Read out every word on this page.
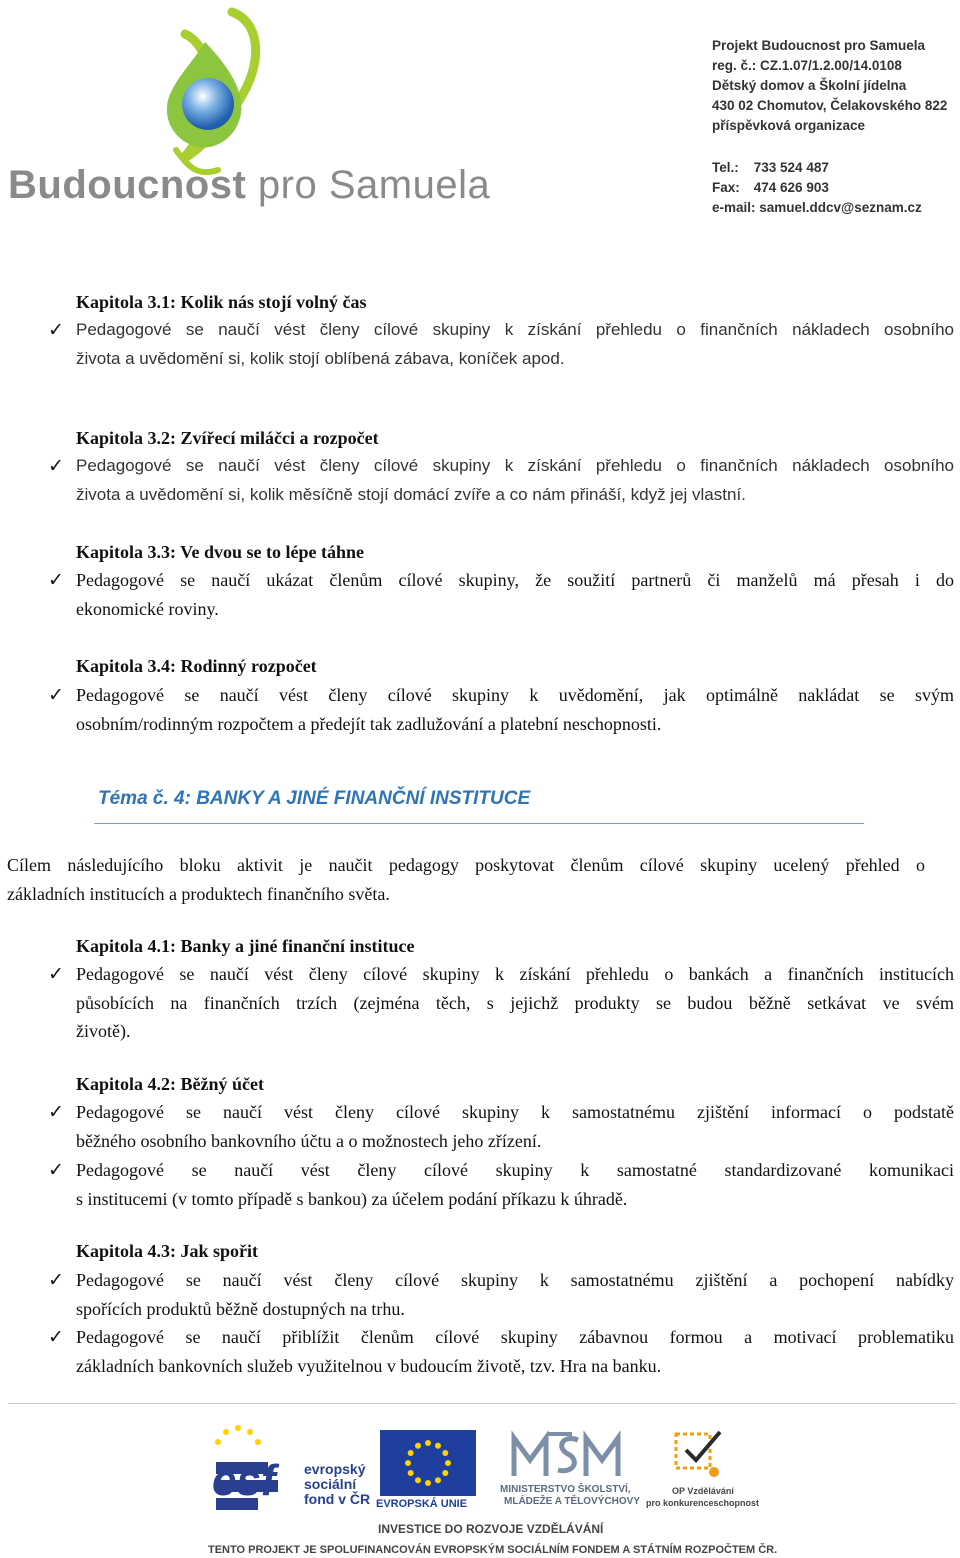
Budoucnost pro Samuela
Projekt Budoucnost pro Samuela
reg. č.: CZ.1.07/1.2.00/14.0108
Dětský domov a Školní jídelna
430 02 Chomutov, Čelakovského 822
příspěvková organizace
Tel.: 733 524 487
Fax: 474 626 903
e-mail: samuel.ddcv@seznam.cz
Kapitola 3.1: Kolik nás stojí volný čas
✓ Pedagogové se naučí vést členy cílové skupiny k získání přehledu o finančních nákladech osobního
života a uvědomění si, kolik stojí oblíbená zábava, koníček apod.
Kapitola 3.2: Zvířecí miláčci a rozpočet
✓ Pedagogové se naučí vést členy cílové skupiny k získání přehledu o finančních nákladech osobního
života a uvědomění si, kolik měsíčně stojí domácí zvíře a co nám přináší, když jej vlastní.
Kapitola 3.3: Ve dvou se to lépe táhne
✓ Pedagogové se naučí ukázat členům cílové skupiny, že soužití partnerů či manželů má přesah i do
ekonomické roviny.
Kapitola 3.4: Rodinný rozpočet
✓ Pedagogové se naučí vést členy cílové skupiny k uvědomění, jak optimálně nakládat se svým
osobním/rodinným rozpočtem a předejít tak zadlužování a platební neschopnosti.
Téma č. 4: BANKY A JINÉ FINANČNÍ INSTITUCE
Cílem následujícího bloku aktivit je naučit pedagogy poskytovat členům cílové skupiny ucelený přehled o
základních institucích a produktech finančního světa.
Kapitola 4.1: Banky a jiné finanční instituce
✓ Pedagogové se naučí vést členy cílové skupiny k získání přehledu o bankách a finančních institucích
působících na finančních trzích (zejména těch, s jejichž produkty se budou běžně setkávat ve svém
životě).
Kapitola 4.2: Běžný účet
✓ Pedagogové se naučí vést členy cílové skupiny k samostatnému zjištění informací o podstatě
běžného osobního bankovního účtu a o možnostech jeho zřízení.
✓ Pedagogové se naučí vést členy cílové skupiny k samostatné standardizované komunikaci
s institucemi (v tomto případě s bankou) za účelem podání příkazu k úhradě.
Kapitola 4.3: Jak spořit
✓ Pedagogové se naučí vést členy cílové skupiny k samostatnému zjištění a pochopení nabídky
spořících produktů běžně dostupných na trhu.
✓ Pedagogové se naučí přiblížit členům cílové skupiny zábavnou formou a motivací problematiku
základních bankovních služeb využitelnou v budoucím životě, tzv. Hra na banku.
esf evropský
sociální
fond v ČR EVROPSKÁ UNIE
MINISTERSTVO ŠKOLSTVÍ,
MLÁDEŽE A TĚLOVÝCHOVY
OP Vzdělávání
pro konkurenceschopnost
INVESTICE DO ROZVOJE VZDĚLÁVÁNÍ
TENTO PROJEKT JE SPOLUFINANCOVÁN EVROPSKÝM SOCIÁLNÍM FONDEM A STÁTNÍM ROZPOČTEM ČR.
